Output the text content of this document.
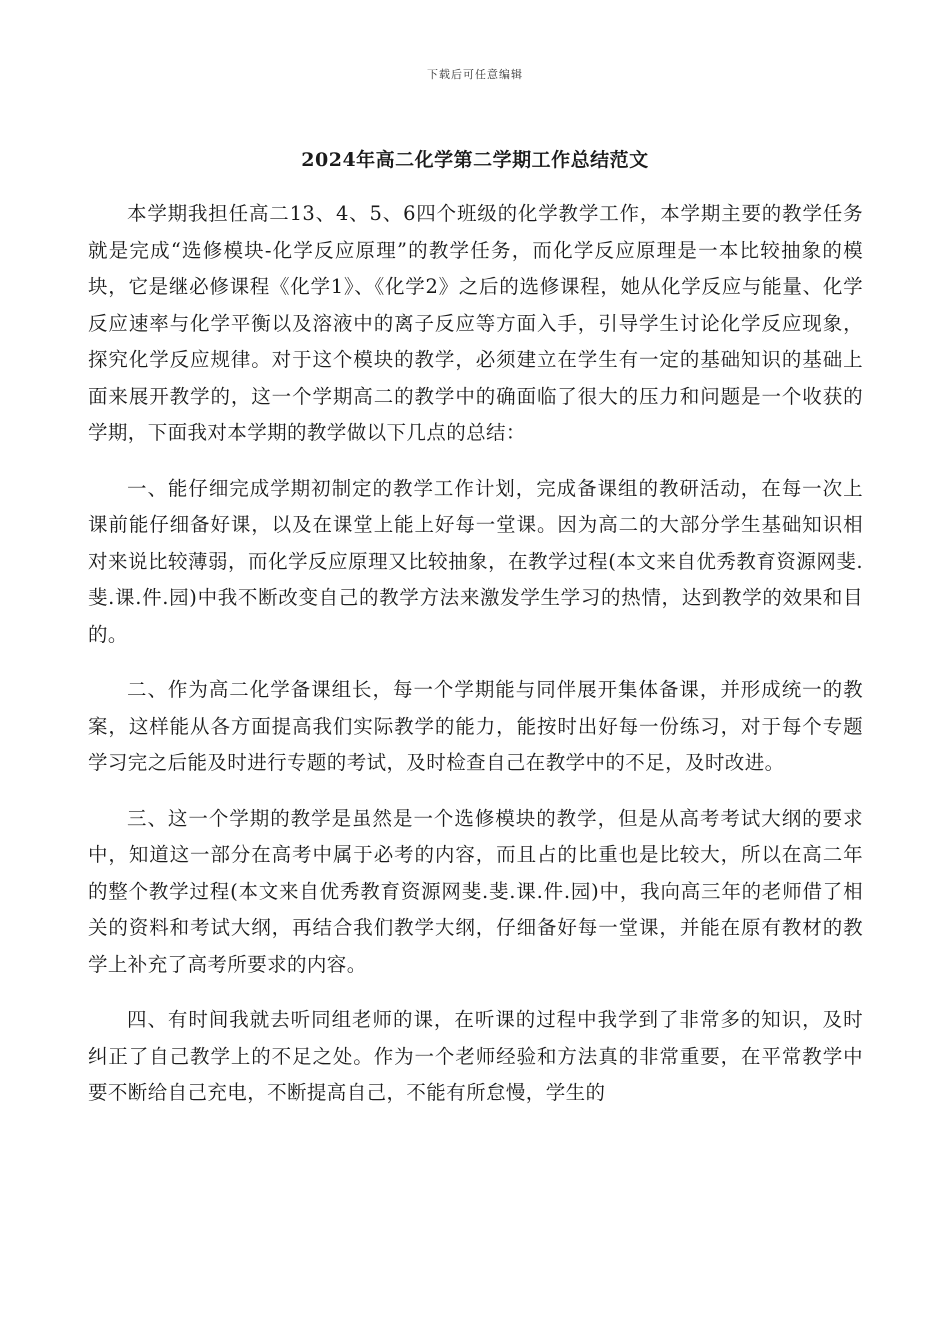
下载后可任意编辑
2024年高二化学第二学期工作总结范文

本学期我担任高二13、4、5、6四个班级的化学教学工作，本学期主要的教学任务就是完成“选修模块-化学反应原理”的教学任务，而化学反应原理是一本比较抽象的模块，它是继必修课程《化学1》、《化学2》之后的选修课程，她从化学反应与能量、化学反应速率与化学平衡以及溶液中的离子反应等方面入手，引导学生讨论化学反应现象，探究化学反应规律。对于这个模块的教学，必须建立在学生有一定的基础知识的基础上面来展开教学的，这一个学期高二的教学中的确面临了很大的压力和问题是一个收获的学期，下面我对本学期的教学做以下几点的总结：

一、能仔细完成学期初制定的教学工作计划，完成备课组的教研活动，在每一次上课前能仔细备好课，以及在课堂上能上好每一堂课。因为高二的大部分学生基础知识相对来说比较薄弱，而化学反应原理又比较抽象，在教学过程(本文来自优秀教育资源网斐.斐.课.件.园)中我不断改变自己的教学方法来激发学生学习的热情，达到教学的效果和目的。

二、作为高二化学备课组长，每一个学期能与同伴展开集体备课，并形成统一的教案，这样能从各方面提高我们实际教学的能力，能按时出好每一份练习，对于每个专题学习完之后能及时进行专题的考试，及时检查自己在教学中的不足，及时改进。

三、这一个学期的教学是虽然是一个选修模块的教学，但是从高考考试大纲的要求中，知道这一部分在高考中属于必考的内容，而且占的比重也是比较大，所以在高二年的整个教学过程(本文来自优秀教育资源网斐.斐.课.件.园)中，我向高三年的老师借了相关的资料和考试大纲，再结合我们教学大纲，仔细备好每一堂课，并能在原有教材的教学上补充了高考所要求的内容。

四、有时间我就去听同组老师的课，在听课的过程中我学到了非常多的知识，及时纠正了自己教学上的不足之处。作为一个老师经验和方法真的非常重要，在平常教学中要不断给自己充电，不断提高自己，不能有所怠慢，学生的
